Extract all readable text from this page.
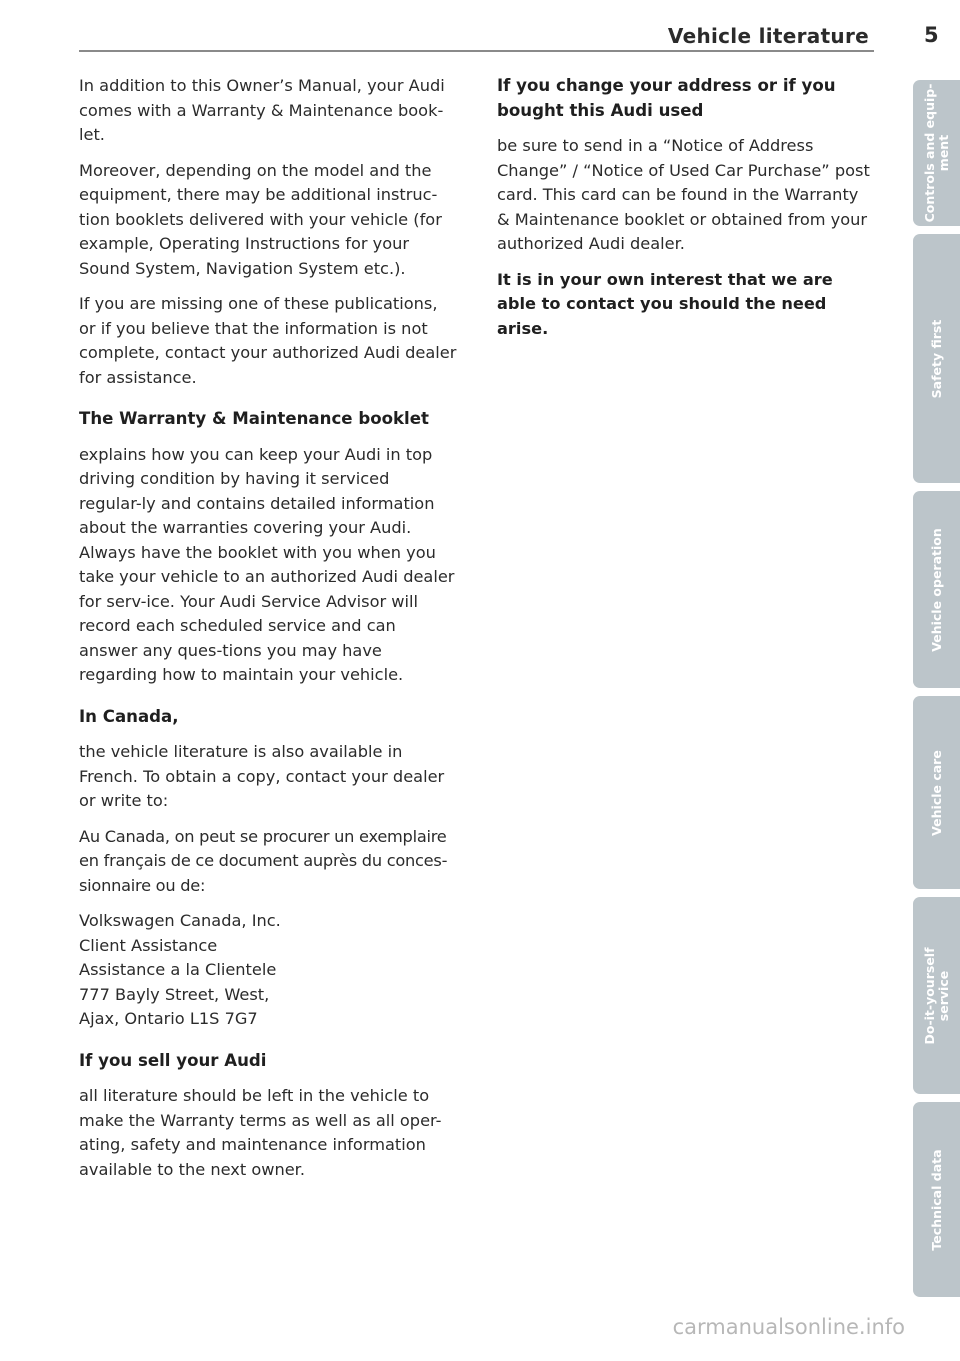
Vehicle literature	5

In addition to this Owner’s Manual, your Audi comes with a Warranty & Maintenance book-let.

Moreover, depending on the model and the equipment, there may be additional instruc-tion booklets delivered with your vehicle (for example, Operating Instructions for your Sound System, Navigation System etc.).

If you are missing one of these publications, or if you believe that the information is not complete, contact your authorized Audi dealer for assistance.

The Warranty & Maintenance booklet

explains how you can keep your Audi in top driving condition by having it serviced regular-ly and contains detailed information about the warranties covering your Audi. Always have the booklet with you when you take your vehicle to an authorized Audi dealer for serv-ice. Your Audi Service Advisor will record each scheduled service and can answer any ques-tions you may have regarding how to maintain your vehicle.

In Canada,

the vehicle literature is also available in French. To obtain a copy, contact your dealer or write to:

Au Canada, on peut se procurer un exemplaire en français de ce document auprès du conces-sionnaire ou de:

Volkswagen Canada, Inc.
Client Assistance
Assistance a la Clientele
777 Bayly Street, West,
Ajax, Ontario L1S 7G7

If you sell your Audi

all literature should be left in the vehicle to make the Warranty terms as well as all oper-ating, safety and maintenance information available to the next owner.

If you change your address or if you bought this Audi used

be sure to send in a “Notice of Address Change” / “Notice of Used Car Purchase” post card. This card can be found in the Warranty & Maintenance booklet or obtained from your authorized Audi dealer.

It is in your own interest that we are able to contact you should the need arise.

Controls and equip- ment
Safety first
Vehicle operation
Vehicle care
Do-it-yourself service
Technical data
carmanualsonline.info
